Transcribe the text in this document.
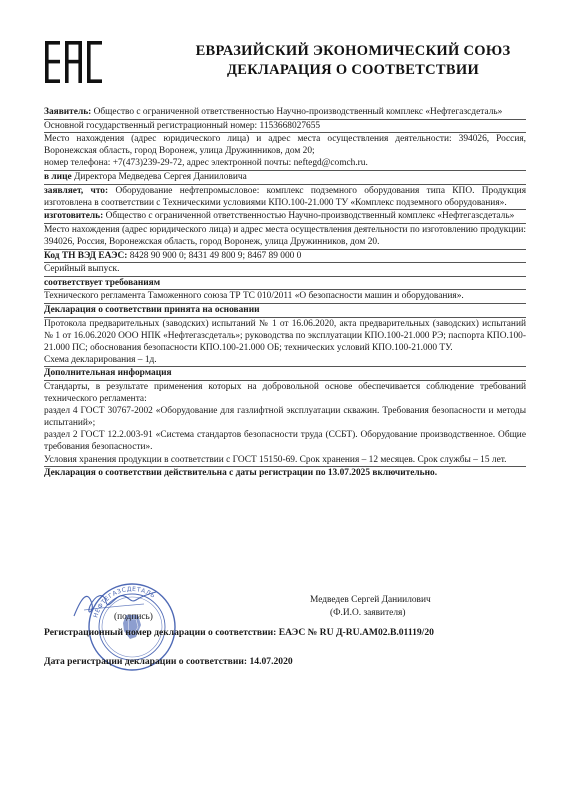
ЕВРАЗИЙСКИЙ ЭКОНОМИЧЕСКИЙ СОЮЗ
ДЕКЛАРАЦИЯ О СООТВЕТСТВИИ

Заявитель: Общество с ограниченной ответственностью Научно-производственный комплекс «Нефтегазсдеталь»

Основной государственный регистрационный номер: 1153668027655

Место нахождения (адрес юридического лица) и адрес места осуществления деятельности: 394026, Россия, Воронежская область, город Воронеж, улица Дружинников, дом 20;

номер телефона: +7(473)239-29-72, адрес электронной почты: neftegd@comch.ru.

в лице Директора Медведева Сергея Данииловича

заявляет, что: Оборудование нефтепромысловое: комплекс подземного оборудования типа КПО. Продукция изготовлена в соответствии с Техническими условиями КПО.100-21.000 ТУ «Комплекс подземного оборудования».

изготовитель: Общество с ограниченной ответственностью Научно-производственный комплекс «Нефтегазсдеталь»

Место нахождения (адрес юридического лица) и адрес места осуществления деятельности по изготовлению продукции: 394026, Россия, Воронежская область, город Воронеж, улица Дружинников, дом 20.

Код ТН ВЭД ЕАЭС: 8428 90 900 0; 8431 49 800 9; 8467 89 000 0

Серийный выпуск.

соответствует требованиям

Технического регламента Таможенного союза ТР ТС 010/2011 «О безопасности машин и оборудования».

Декларация о соответствии принята на основании

Протокола предварительных (заводских) испытаний № 1 от 16.06.2020, акта предварительных (заводских) испытаний № 1 от 16.06.2020 ООО НПК «Нефтегазсдеталь»; руководства по эксплуатации КПО.100-21.000 РЭ; паспорта КПО.100-21.000 ПС; обоснования безопасности КПО.100-21.000 ОБ; технических условий КПО.100-21.000 ТУ.

Схема декларирования – 1д.

Дополнительная информация

Стандарты, в результате применения которых на добровольной основе обеспечивается соблюдение требований технического регламента:

раздел 4 ГОСТ 30767-2002 «Оборудование для газлифтной эксплуатации скважин. Требования безопасности и методы испытаний»;

раздел 2 ГОСТ 12.2.003-91 «Система стандартов безопасности труда (ССБТ). Оборудование производственное. Общие требования безопасности».

Условия хранения продукции в соответствии с ГОСТ 15150-69. Срок хранения – 12 месяцев. Срок службы – 15 лет.

Декларация о соответствии действительна с даты регистрации по 13.07.2025 включительно.

НЕФТЕГАЗСДЕТАЛЬ
(подпись)
Медведев Сергей Даниилович
(Ф.И.О. заявителя)
Регистрационный номер декларации о соответствии: ЕАЭС № RU Д-RU.АМ02.В.01119/20
Дата регистрации декларации о соответствии: 14.07.2020
